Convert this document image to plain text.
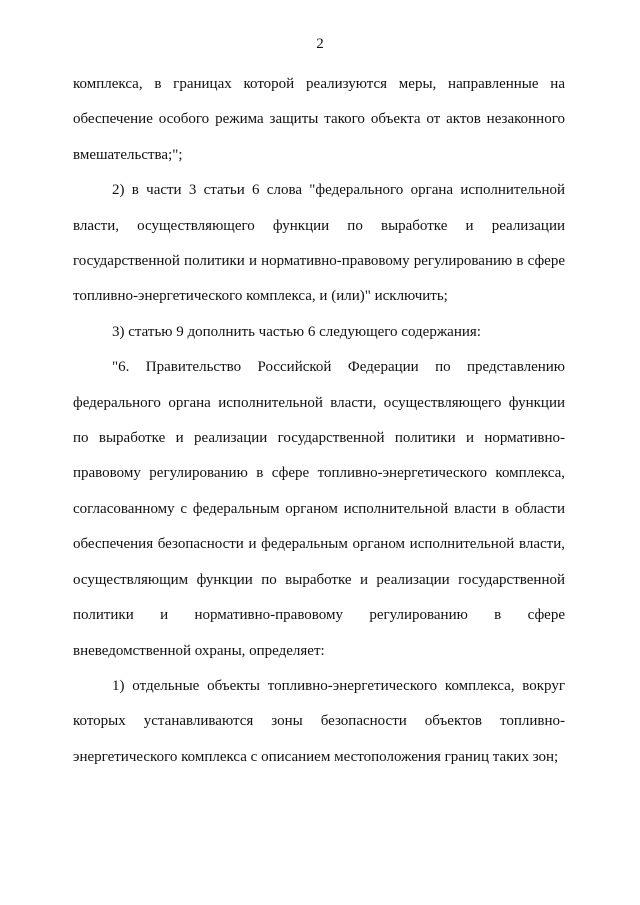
2

комплекса, в границах которой реализуются меры, направленные на обеспечение особого режима защиты такого объекта от актов незаконного вмешательства;";

2) в части 3 статьи 6 слова "федерального органа исполнительной власти, осуществляющего функции по выработке и реализации государственной политики и нормативно-правовому регулированию в сфере топливно-энергетического комплекса, и (или)" исключить;

3) статью 9 дополнить частью 6 следующего содержания:

"6. Правительство Российской Федерации по представлению федерального органа исполнительной власти, осуществляющего функции по выработке и реализации государственной политики и нормативно-правовому регулированию в сфере топливно-энергетического комплекса, согласованному с федеральным органом исполнительной власти в области обеспечения безопасности и федеральным органом исполнительной власти, осуществляющим функции по выработке и реализации государственной политики и нормативно-правовому регулированию в сфере вневедомственной охраны, определяет:

1) отдельные объекты топливно-энергетического комплекса, вокруг которых устанавливаются зоны безопасности объектов топливно-энергетического комплекса с описанием местоположения границ таких зон;
